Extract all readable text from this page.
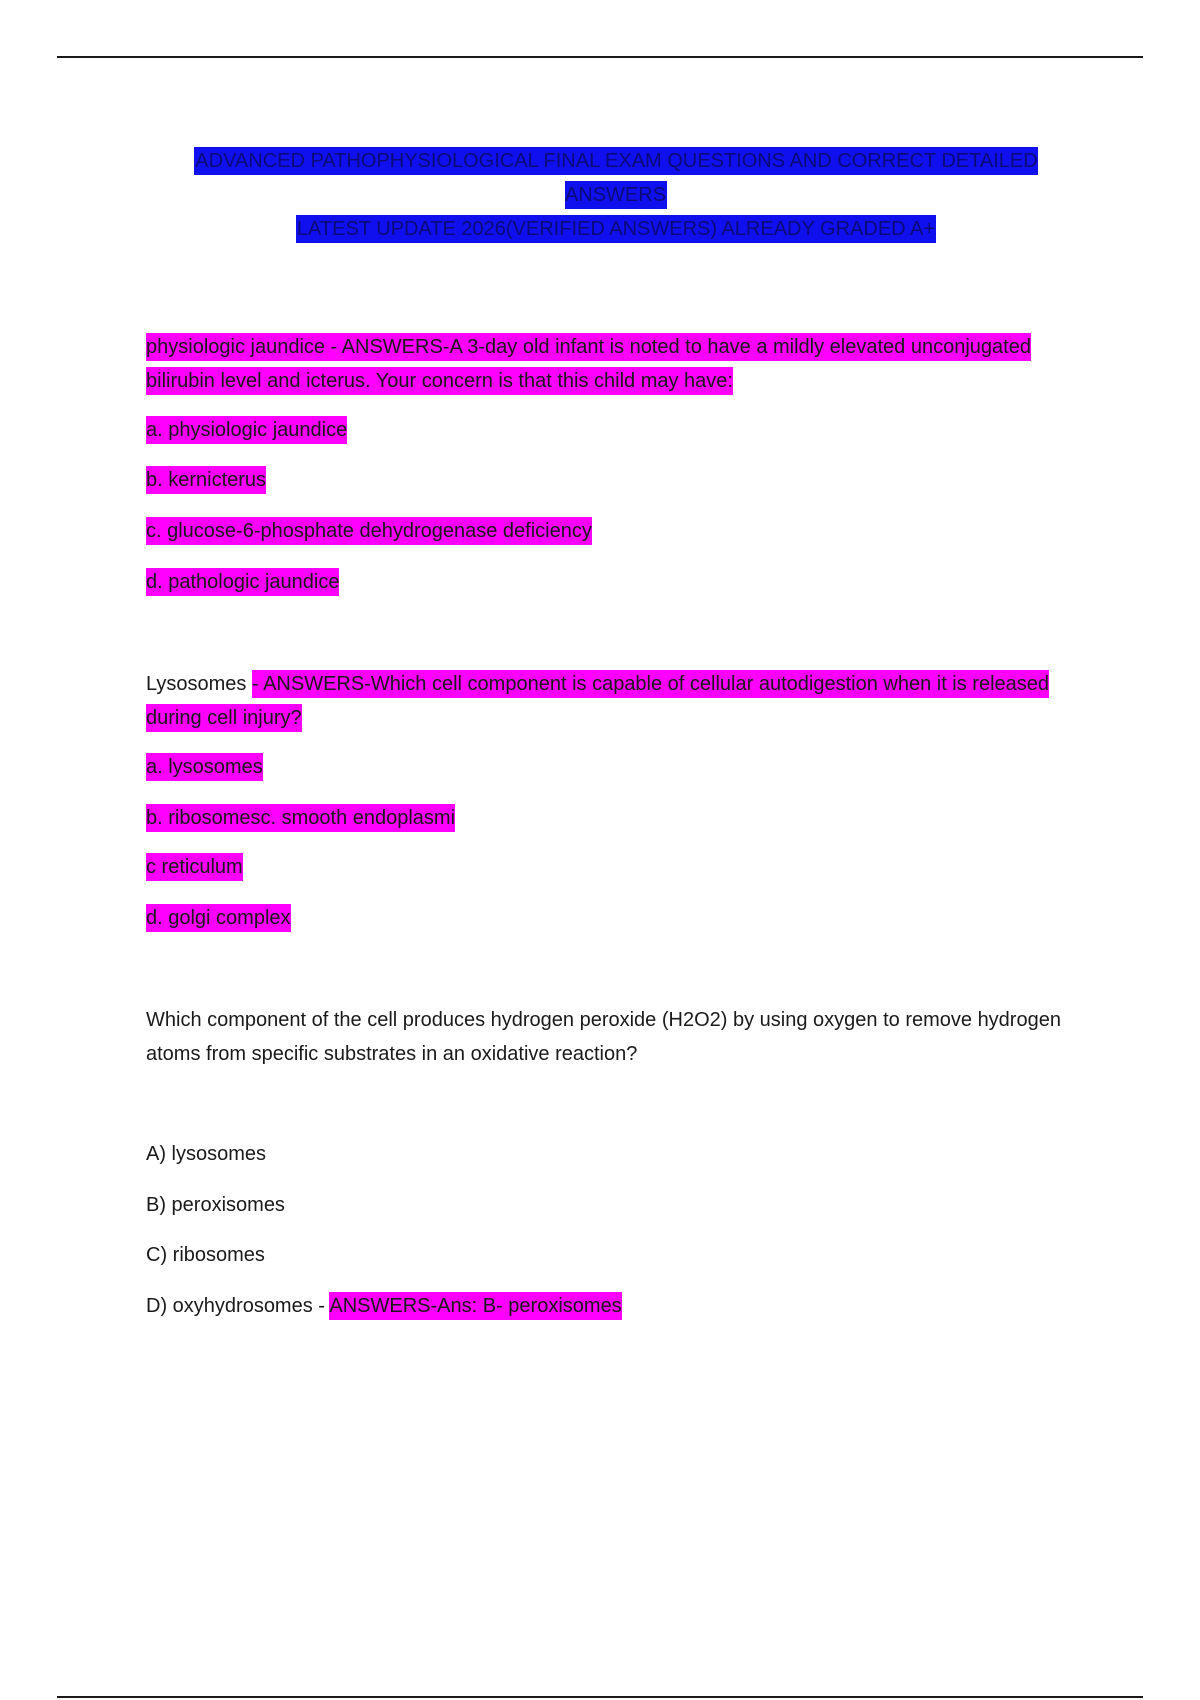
ADVANCED PATHOPHYSIOLOGICAL FINAL EXAM QUESTIONS AND CORRECT DETAILED ANSWERS
LATEST UPDATE 2026(VERIFIED ANSWERS) ALREADY GRADED A+
physiologic jaundice - ANSWERS-A 3-day old infant is noted to have a mildly elevated unconjugated bilirubin level and icterus. Your concern is that this child may have:
a. physiologic jaundice
b. kernicterus
c. glucose-6-phosphate dehydrogenase deficiency
d. pathologic jaundice
Lysosomes - ANSWERS-Which cell component is capable of cellular autodigestion when it is released during cell injury?
a. lysosomes
b. ribosomesc. smooth endoplasmi
c reticulum
d. golgi complex
Which component of the cell produces hydrogen peroxide (H2O2) by using oxygen to remove hydrogen atoms from specific substrates in an oxidative reaction?
A) lysosomes
B) peroxisomes
C) ribosomes
D) oxyhydrosomes - ANSWERS-Ans: B- peroxisomes
